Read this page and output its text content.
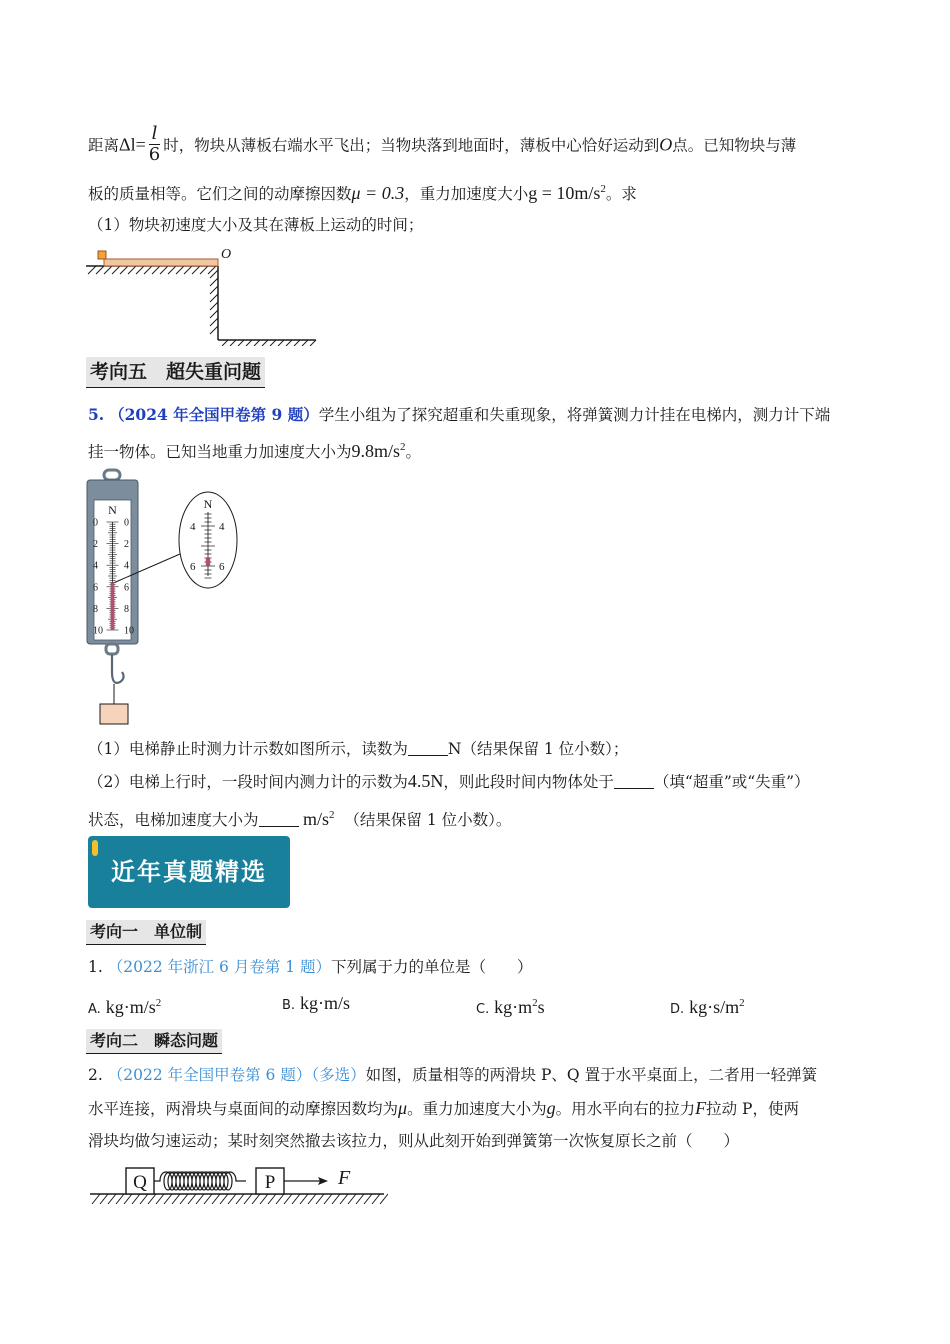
距离$\Delta l= \frac{l}{6}$ 时，物块从薄板右端水平飞出；当物块落到地面时，薄板中心恰好运动到O点。已知物块与薄
板的质量相等。它们之间的动摩擦因数μ = 0.3，重力加速度大小$g = 10m/s^2$。求
（1）物块初速度大小及其在薄板上运动的时间；
O
考向五　超失重问题
5. （2024 年全国甲卷第 9 题）学生小组为了探究超重和失重现象，将弹簧测力计挂在电梯内，测力计下端
挂一物体。已知当地重力加速度大小为$9.8m/s^2$。
N	N
0	0
2	2
4	4
6	6
8	8
10 10
4 4
6 6
（1）电梯静止时测力计示数如图所示，读数为	N（结果保留 1 位小数）；
（2）电梯上行时，一段时间内测力计的示数为4.5N，则此段时间内物体处于	（填“超重”或“失重”）
状态，电梯加速度大小为 $m/s^2$ （结果保留 1 位小数）。
近年真题精选
考向一　单位制
1. （2022 年浙江 6 月卷第 1 题）下列属于力的单位是（　　）
A. $kg\cdot m/s^2$	B. kg·m/s	C. $kg\cdot m^2s$	D. $kg\cdot s/m^2$
考向二　瞬态问题
2. （2022 年全国甲卷第 6 题）（多选）如图，质量相等的两滑块 P、Q 置于水平桌面上，二者用一轻弹簧
水平连接，两滑块与桌面间的动摩擦因数均为μ。重力加速度大小为g。用水平向右的拉力F拉动 P，使两
滑块均做匀速运动；某时刻突然撤去该拉力，则从此刻开始到弹簧第一次恢复原长之前（　　）
Q	P	F
